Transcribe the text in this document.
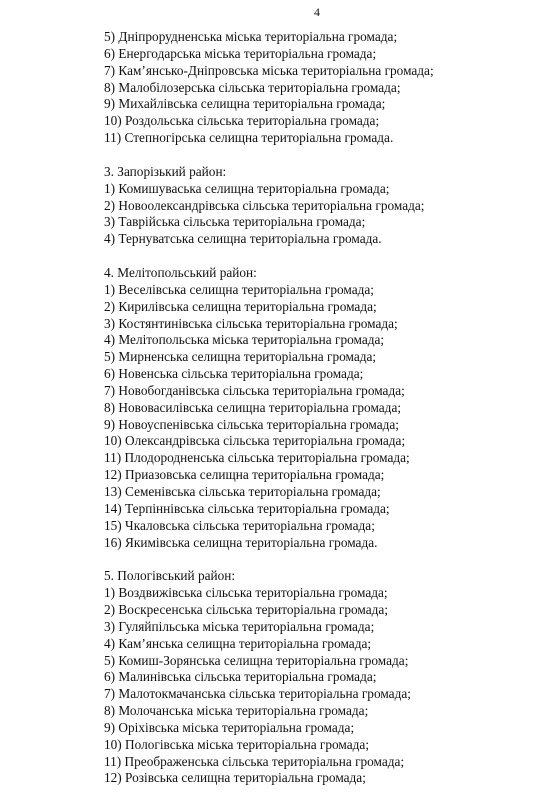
4
5) Дніпрорудненська міська територіальна громада;
6) Енергодарська міська територіальна громада;
7) Кам’янсько-Дніпровська міська територіальна громада;
8) Малобілозерська сільська територіальна громада;
9) Михайлівська селищна територіальна громада;
10) Роздольська сільська територіальна громада;
11) Степногірська селищна територіальна громада.
3. Запорізький район:
1) Комишуваська селищна територіальна громада;
2) Новоолександрівська сільська територіальна громада;
3) Таврійська сільська територіальна громада;
4) Тернуватська селищна територіальна громада.
4. Мелітопольський район:
1) Веселівська селищна територіальна громада;
2) Кирилівська селищна територіальна громада;
3) Костянтинівська сільська територіальна громада;
4) Мелітопольська міська територіальна громада;
5) Мирненська селищна територіальна громада;
6) Новенська сільська територіальна громада;
7) Новобогданівська сільська територіальна громада;
8) Нововасилівська селищна територіальна громада;
9) Новоуспенівська сільська територіальна громада;
10) Олександрівська сільська територіальна громада;
11) Плодородненська сільська територіальна громада;
12) Приазовська селищна територіальна громада;
13) Семенівська сільська територіальна громада;
14) Терпіннівська сільська територіальна громада;
15) Чкаловська сільська територіальна громада;
16) Якимівська селищна територіальна громада.
5. Пологівський район:
1) Воздвижівська сільська територіальна громада;
2) Воскресенська сільська територіальна громада;
3) Гуляйпільська міська територіальна громада;
4) Кам’янська селищна територіальна громада;
5) Комиш-Зорянська селищна територіальна громада;
6) Малинівська сільська територіальна громада;
7) Малотокмачанська сільська територіальна громада;
8) Молочанська міська територіальна громада;
9) Оріхівська міська територіальна громада;
10) Пологівська міська територіальна громада;
11) Преображенська сільська територіальна громада;
12) Розівська селищна територіальна громада;
